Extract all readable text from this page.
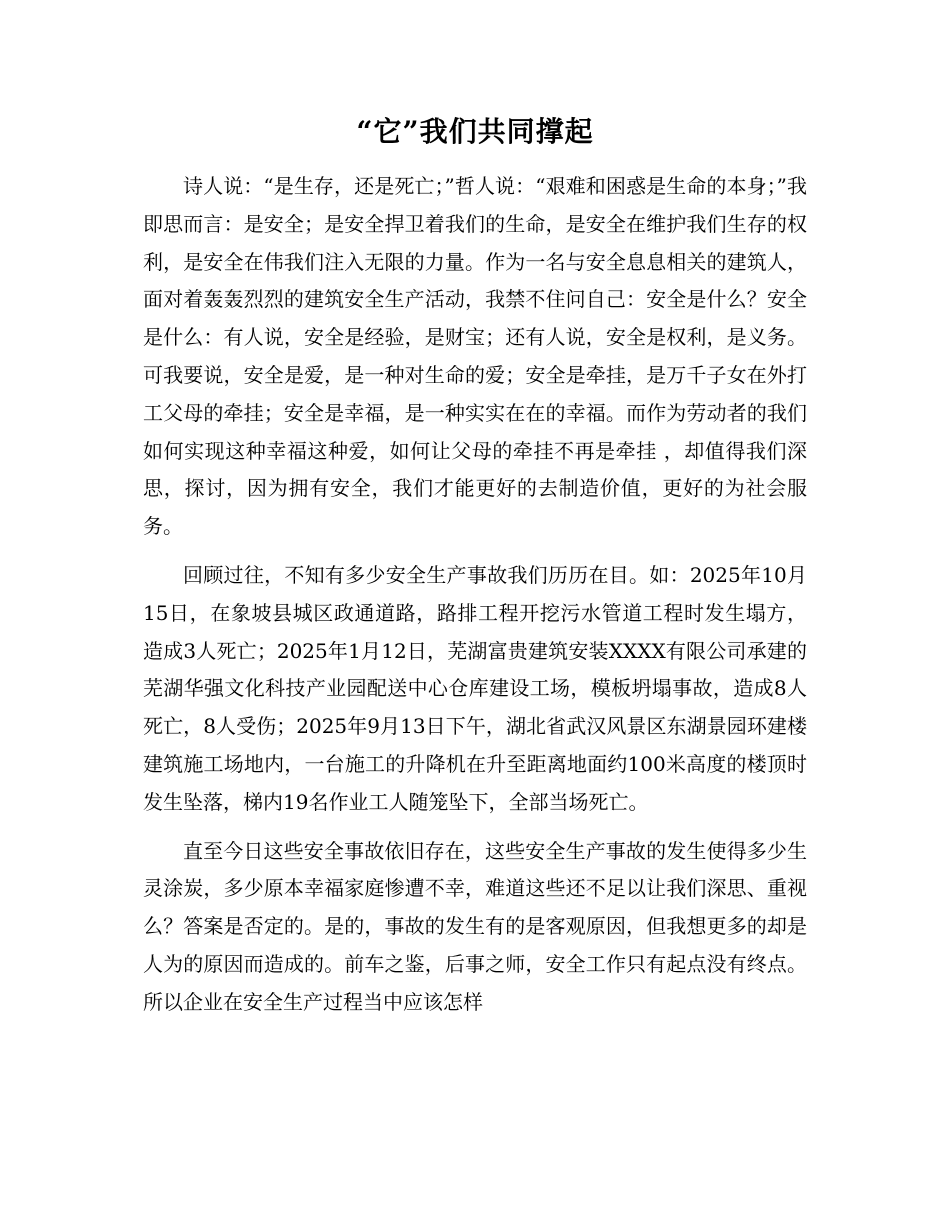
“它”我们共同撑起

诗人说：“是生存，还是死亡；”哲人说：“艰难和困惑是生命的本身；”我即思而言：是安全；是安全捍卫着我们的生命，是安全在维护我们生存的权利，是安全在伟我们注入无限的力量。作为一名与安全息息相关的建筑人，面对着轰轰烈烈的建筑安全生产活动，我禁不住问自己：安全是什么？安全是什么：有人说，安全是经验，是财宝；还有人说，安全是权利，是义务。可我要说，安全是爱，是一种对生命的爱；安全是牵挂，是万千子女在外打工父母的牵挂；安全是幸福，是一种实实在在的幸福。而作为劳动者的我们如何实现这种幸福这种爱，如何让父母的牵挂不再是牵挂 ，却值得我们深思，探讨，因为拥有安全，我们才能更好的去制造价值，更好的为社会服务。

回顾过往，不知有多少安全生产事故我们历历在目。如：2025年10月15日，在象坡县城区政通道路，路排工程开挖污水管道工程时发生塌方，造成3人死亡；2025年1月12日，芜湖富贵建筑安装XXXX有限公司承建的芜湖华强文化科技产业园配送中心仓库建设工场，模板坍塌事故，造成8人死亡，8人受伤；2025年9月13日下午，湖北省武汉风景区东湖景园环建楼建筑施工场地内，一台施工的升降机在升至距离地面约100米高度的楼顶时发生坠落，梯内19名作业工人随笼坠下，全部当场死亡。

直至今日这些安全事故依旧存在，这些安全生产事故的发生使得多少生灵涂炭，多少原本幸福家庭惨遭不幸，难道这些还不足以让我们深思、重视么？答案是否定的。是的，事故的发生有的是客观原因，但我想更多的却是人为的原因而造成的。前车之鉴，后事之师，安全工作只有起点没有终点。所以企业在安全生产过程当中应该怎样
